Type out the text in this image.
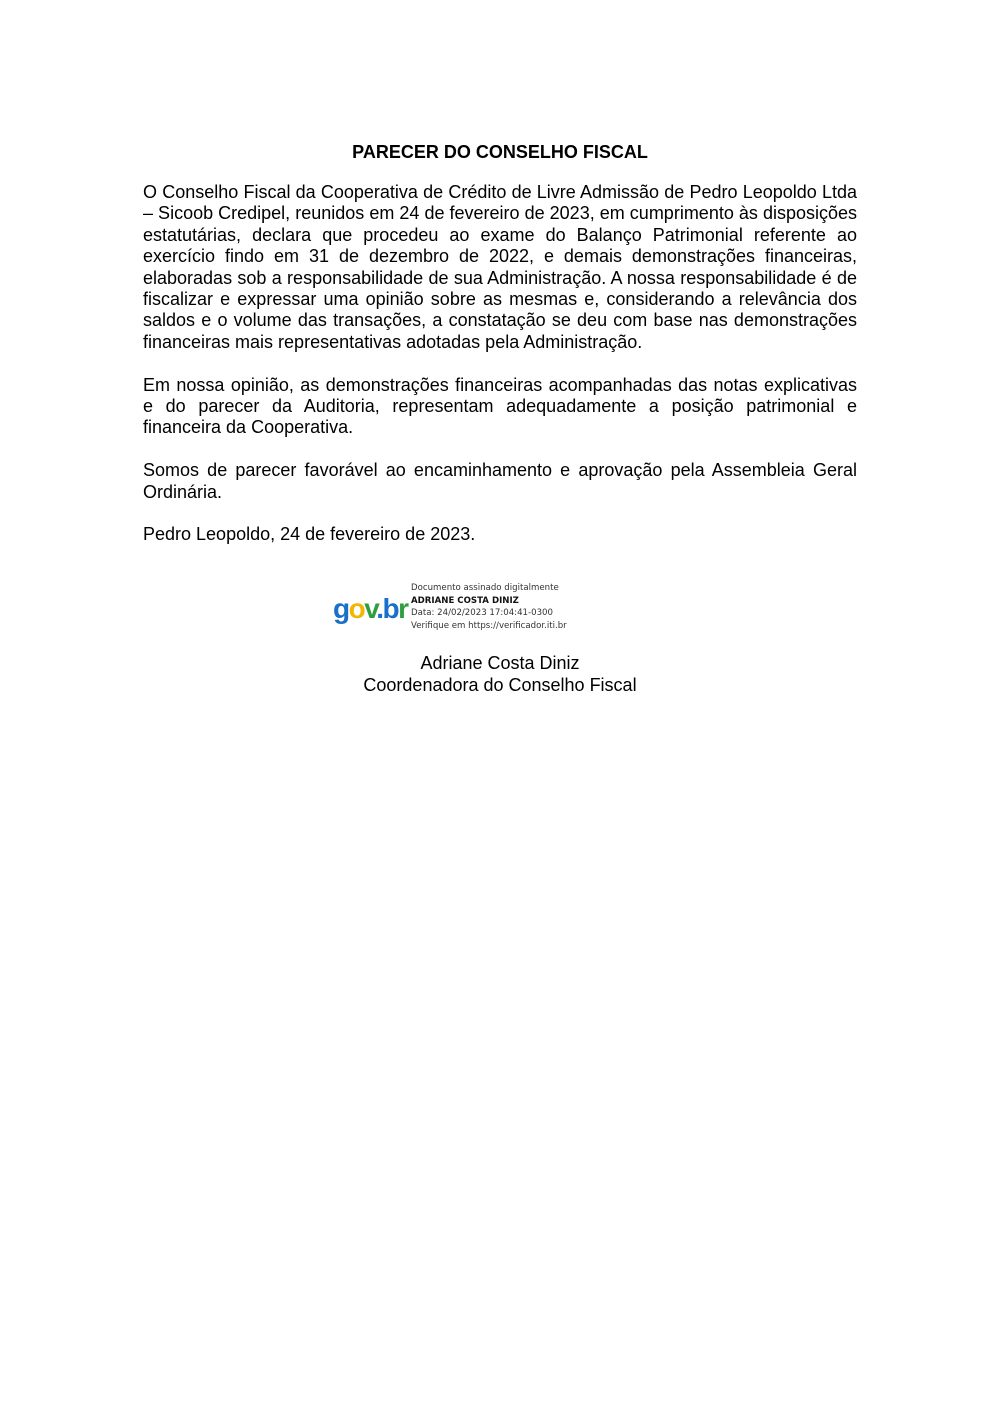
PARECER DO CONSELHO FISCAL

O Conselho Fiscal da Cooperativa de Crédito de Livre Admissão de Pedro Leopoldo Ltda – Sicoob Credipel, reunidos em 24 de fevereiro de 2023, em cumprimento às disposições estatutárias, declara que procedeu ao exame do Balanço Patrimonial referente ao exercício findo em 31 de dezembro de 2022, e demais demonstrações financeiras, elaboradas sob a responsabilidade de sua Administração. A nossa responsabilidade é de fiscalizar e expressar uma opinião sobre as mesmas e, considerando a relevância dos saldos e o volume das transações, a constatação se deu com base nas demonstrações financeiras mais representativas adotadas pela Administração.

Em nossa opinião, as demonstrações financeiras acompanhadas das notas explicativas e do parecer da Auditoria, representam adequadamente a posição patrimonial e financeira da Cooperativa.

Somos de parecer favorável ao encaminhamento e aprovação pela Assembleia Geral Ordinária.

Pedro Leopoldo, 24 de fevereiro de 2023.

gov.br
Documento assinado digitalmente
ADRIANE COSTA DINIZ
Data: 24/02/2023 17:04:41-0300
Verifique em https://verificador.iti.br
Adriane Costa Diniz
Coordenadora do Conselho Fiscal
